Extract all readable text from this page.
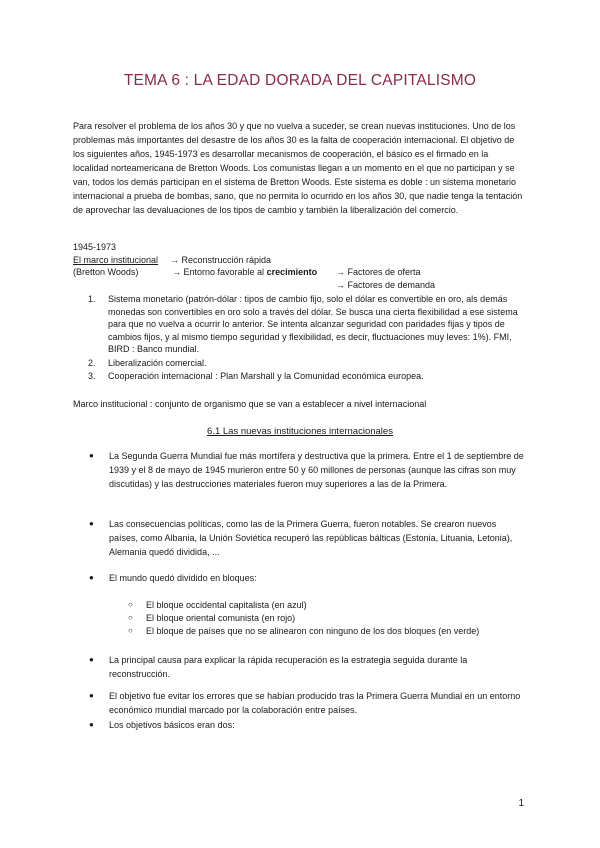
TEMA 6 : LA EDAD DORADA DEL CAPITALISMO
Para resolver el problema de los años 30 y que no vuelva a suceder, se crean nuevas instituciones. Uno de los problemas más importantes del desastre de los años 30 es la falta de cooperación internacional. El objetivo de los siguientes años, 1945-1973 es desarrollar mecanismos de cooperación, el básico es el firmado en la localidad norteamericana de Bretton Woods. Los comunistas llegan a un momento en el que no participan y se van, todos los demás participan en el sistema de Bretton Woods. Este sistema es doble : un sistema monetario internacional a prueba de bombas, sano, que no permita lo ocurrido en los años 30, que nadie tenga la tentación de aprovechar las devaluaciones de los tipos de cambio y también la liberalización del comercio.
1945-1973
El marco institucional → Reconstrucción rápida
(Bretton Woods)	→ Entorno favorable al crecimiento → Factores de oferta
→ Factores de demanda
1.	Sistema monetario (patrón-dólar : tipos de cambio fijo, solo el dólar es convertible en oro, als demás monedas son convertibles en oro solo a través del dólar. Se busca una cierta flexibilidad a ese sistema para que no vuelva a ocurrir lo anterior. Se intenta alcanzar seguridad con paridades fijas y tipos de cambios fijos, y al mismo tiempo seguridad y flexibilidad, es decir, fluctuaciones muy leves: 1%). FMI, BIRD : Banco mundial.
2.	Liberalización comercial.
3.	Cooperación internacional : Plan Marshall y la Comunidad económica europea.
Marco institucional : conjunto de organismo que se van a establecer a nivel internacional
6.1 Las nuevas instituciones internacionales
●	La Segunda Guerra Mundial fue más mortífera y destructiva que la primera. Entre el 1 de septiembre de 1939 y el 8 de mayo de 1945 murieron entre 50 y 60 millones de personas (aunque las cifras son muy discutidas) y las destrucciones materiales fueron muy superiores a las de la Primera.
●	Las consecuencias políticas, como las de la Primera Guerra, fueron notables. Se crearon nuevos países, como Albania, la Unión Soviética recuperó las repúblicas bálticas (Estonia, Lituania, Letonia), Alemania quedó dividida, ...
●	El mundo quedó dividido en bloques:
○	El bloque occidental capitalista (en azul)
○	El bloque oriental comunista (en rojo)
○	El bloque de países que no se alinearon con ninguno de los dos bloques (en verde)
●	La principal causa para explicar la rápida recuperación es la estrategia seguida durante la reconstrucción.
●	El objetivo fue evitar los errores que se habían producido tras la Primera Guerra Mundial en un entorno económico mundial marcado por la colaboración entre países.
●	Los objetivos básicos eran dos:
1
